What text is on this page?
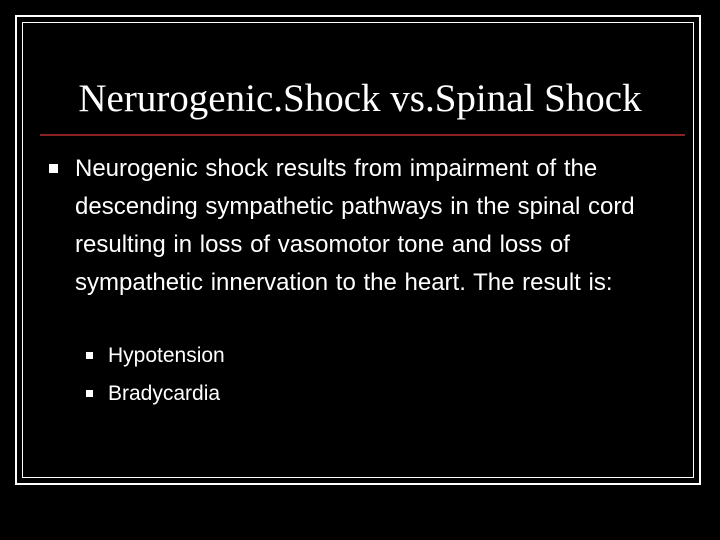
Nerurogenic.Shock vs.Spinal Shock

Neurogenic shock results from impairment of the descending sympathetic pathways in the spinal cord resulting in loss of vasomotor tone and loss of sympathetic innervation to the heart. The result is:

Hypotension
Bradycardia
